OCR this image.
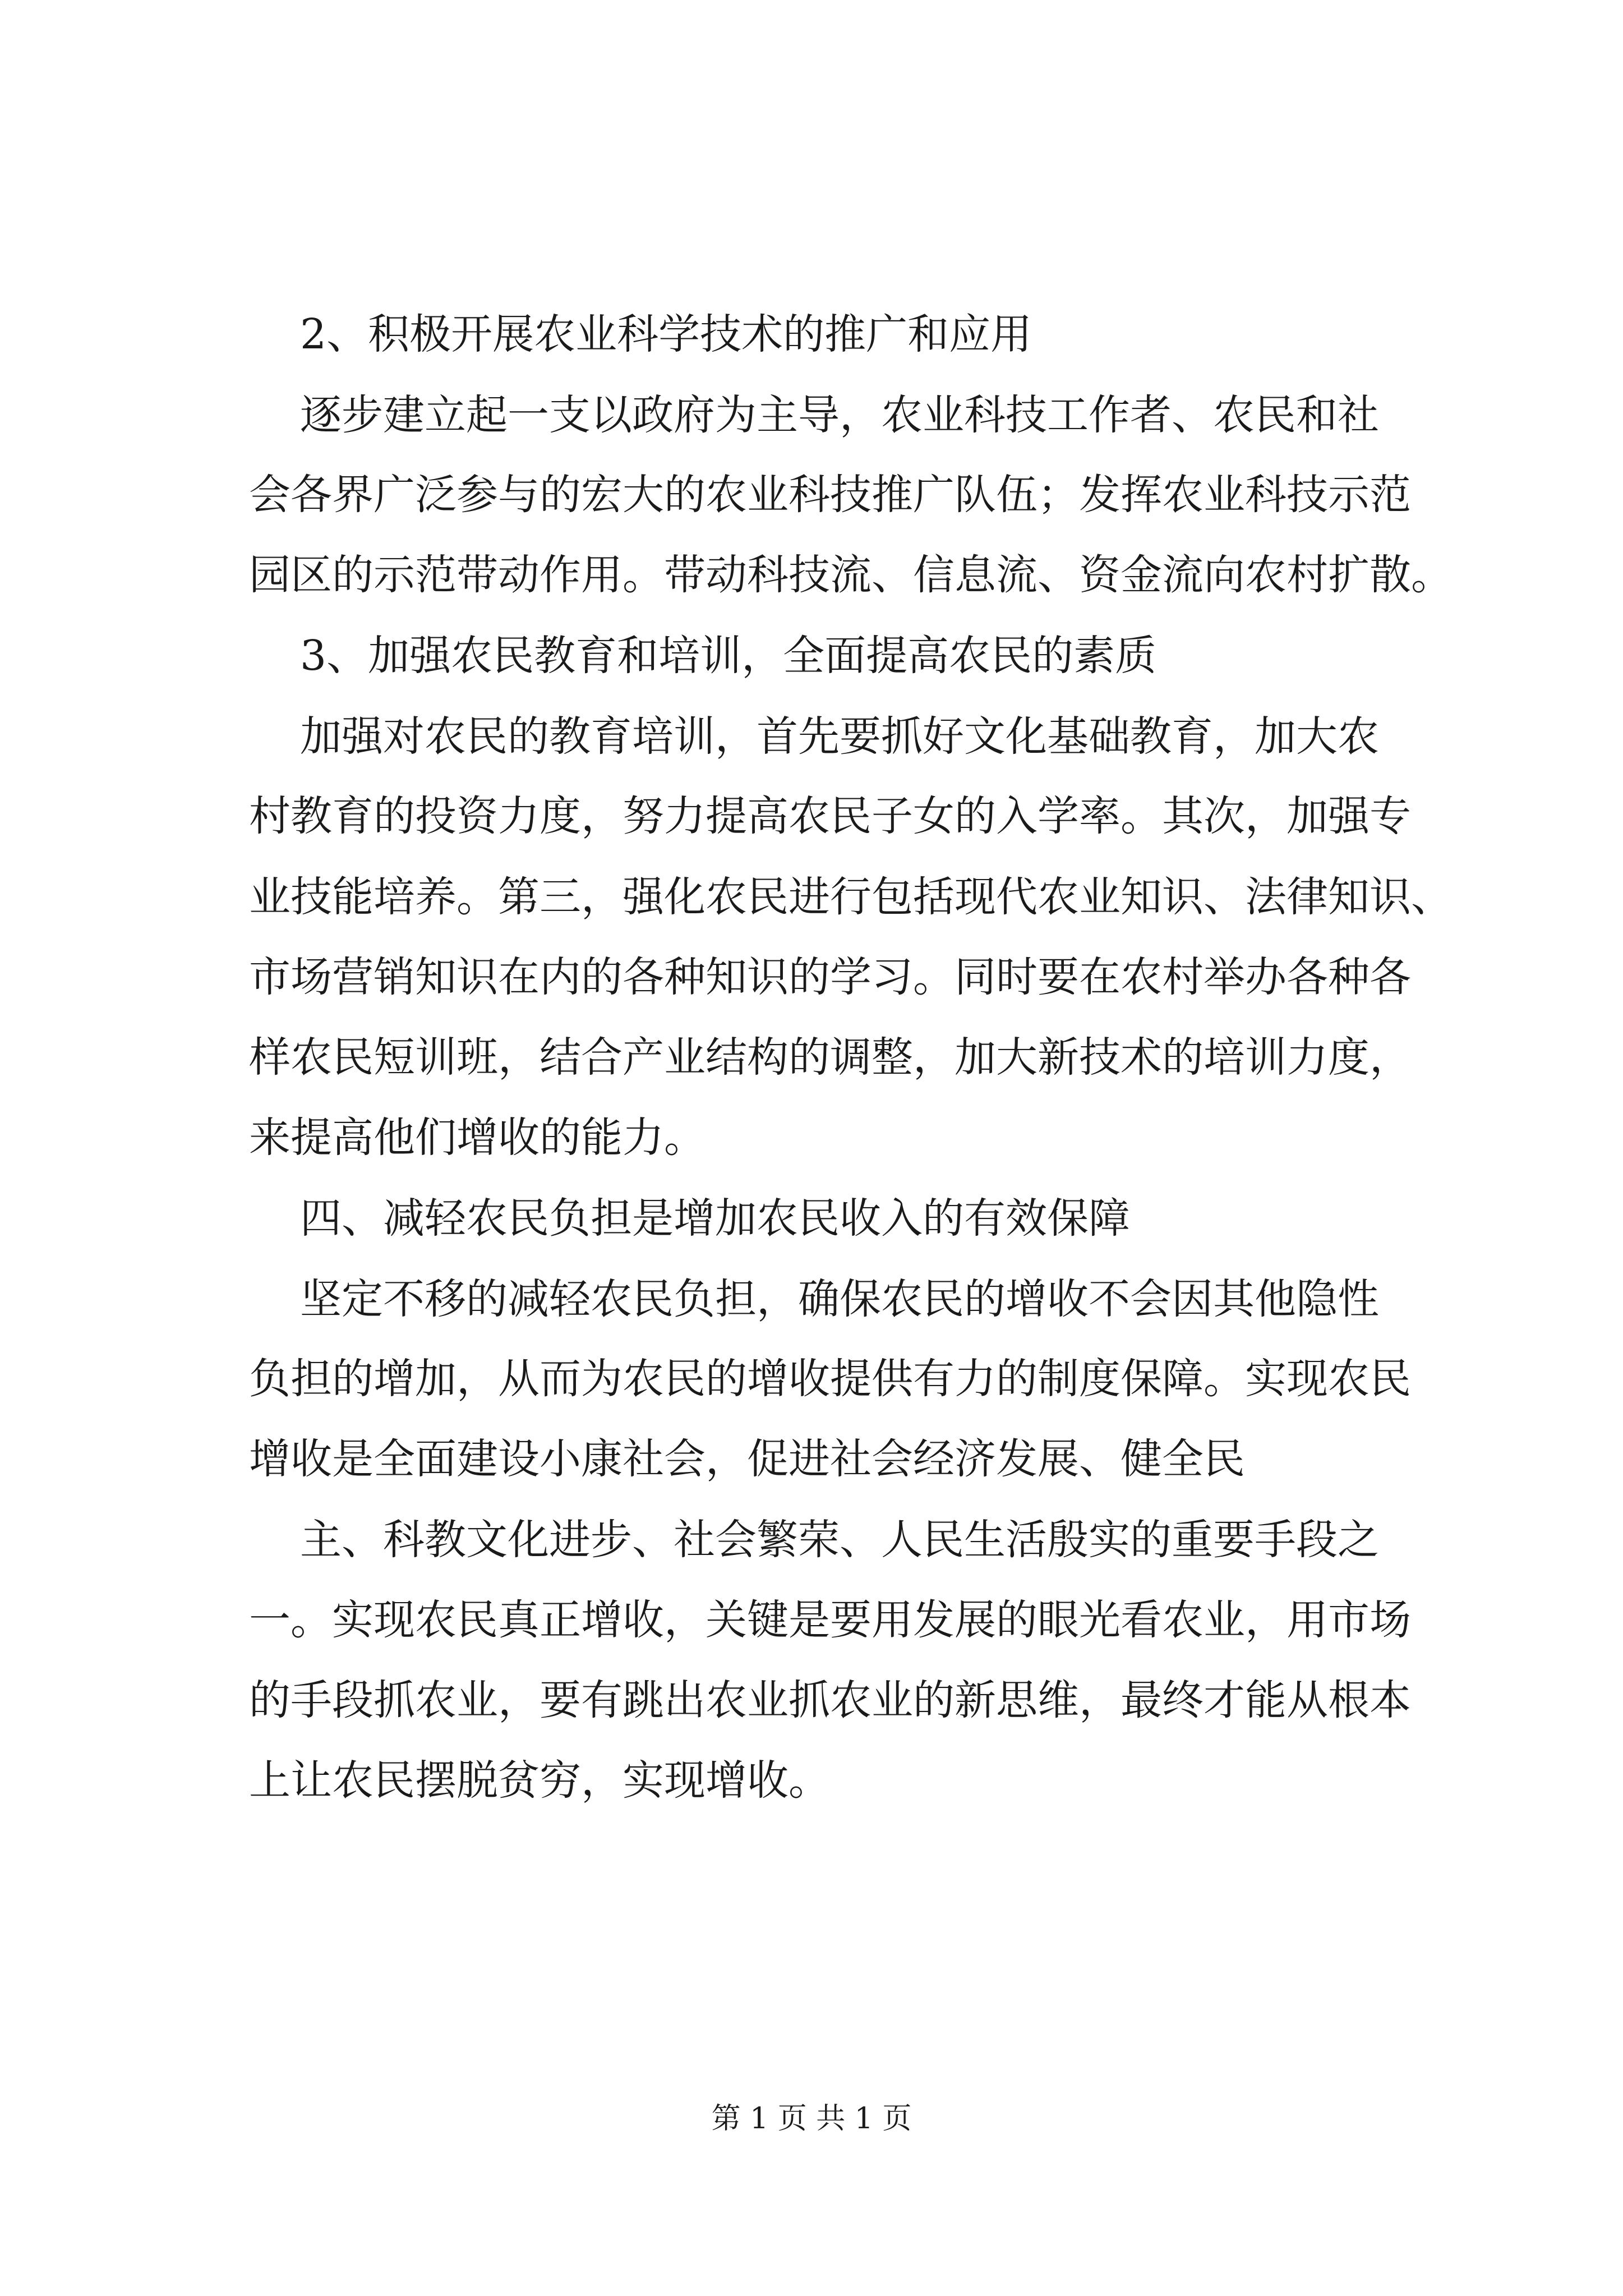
2、积极开展农业科学技术的推广和应用
逐步建立起一支以政府为主导，农业科技工作者、农民和社
会各界广泛参与的宏大的农业科技推广队伍；发挥农业科技示范
园区的示范带动作用。带动科技流、信息流、资金流向农村扩散。
3、加强农民教育和培训，全面提高农民的素质
加强对农民的教育培训，首先要抓好文化基础教育，加大农
村教育的投资力度，努力提高农民子女的入学率。其次，加强专
业技能培养。第三，强化农民进行包括现代农业知识、法律知识、
市场营销知识在内的各种知识的学习。同时要在农村举办各种各
样农民短训班，结合产业结构的调整，加大新技术的培训力度，
来提高他们增收的能力。
四、减轻农民负担是增加农民收入的有效保障
坚定不移的减轻农民负担，确保农民的增收不会因其他隐性
负担的增加，从而为农民的增收提供有力的制度保障。实现农民
增收是全面建设小康社会，促进社会经济发展、健全民
主、科教文化进步、社会繁荣、人民生活殷实的重要手段之
一。实现农民真正增收，关键是要用发展的眼光看农业，用市场
的手段抓农业，要有跳出农业抓农业的新思维，最终才能从根本
上让农民摆脱贫穷，实现增收。
第 1 页 共 1 页
